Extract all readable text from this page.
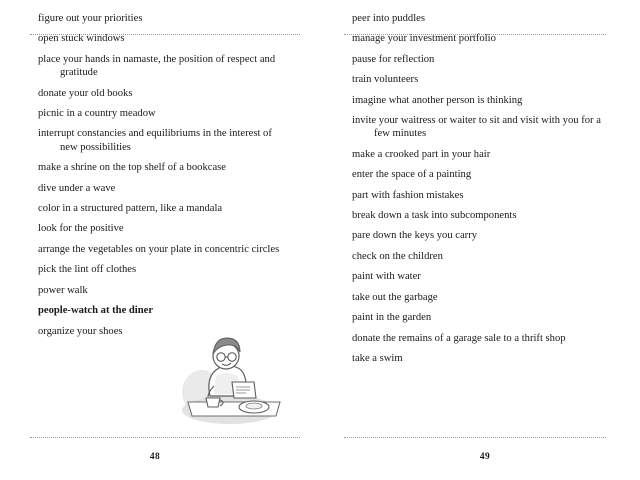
figure out your priorities
open stuck windows
place your hands in namaste, the position of respect and gratitude
donate your old books
picnic in a country meadow
interrupt constancies and equilibriums in the interest of new possibilities
make a shrine on the top shelf of a bookcase
dive under a wave
color in a structured pattern, like a mandala
look for the positive
arrange the vegetables on your plate in concentric circles
pick the lint off clothes
power walk
people-watch at the diner
organize your shoes
48
peer into puddles
manage your investment portfolio
pause for reflection
train volunteers
imagine what another person is thinking
invite your waitress or waiter to sit and visit with you for a few minutes
make a crooked part in your hair
enter the space of a painting
part with fashion mistakes
break down a task into subcomponents
pare down the keys you carry
check on the children
paint with water
take out the garbage
paint in the garden
donate the remains of a garage sale to a thrift shop
take a swim
49
